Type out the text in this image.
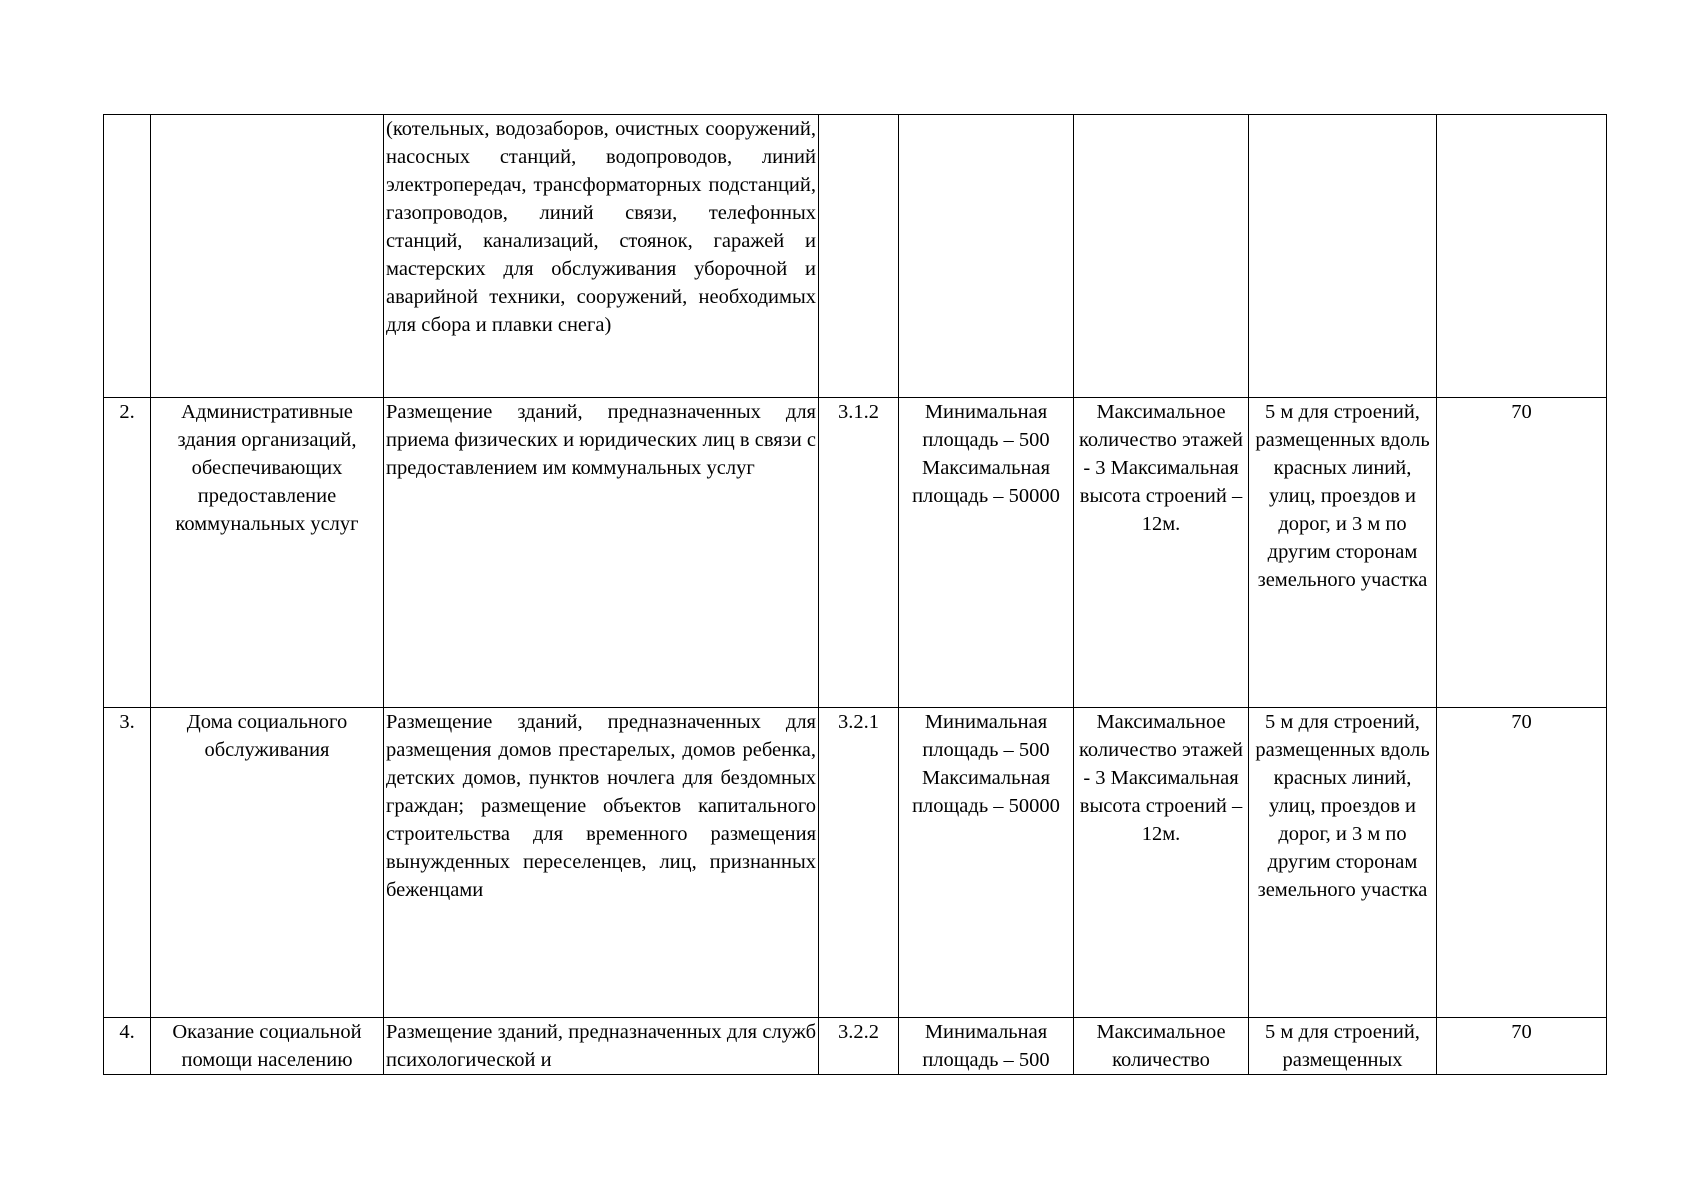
		(котельных, водозаборов, очистных сооружений, насосных станций, водопроводов, линий электропередач, трансформаторных подстанций, газопроводов, линий связи, телефонных станций, канализаций, стоянок, гаражей и мастерских для обслуживания уборочной и аварийной техники, сооружений, необходимых для сбора и плавки снега)					

2.	Административные здания организаций, обеспечивающих предоставление коммунальных услуг	Размещение зданий, предназначенных для приема физических и юридических лиц в связи с предоставлением им коммунальных услуг	3.1.2	Минимальная площадь – 500 Максимальная площадь – 50000	Максимальное количество этажей - 3 Максимальная высота строений – 12м.	5 м для строений, размещенных вдоль красных линий, улиц, проездов и дорог, и 3 м по другим сторонам земельного участка	70
3.	Дома социального обслуживания	Размещение зданий, предназначенных для размещения домов престарелых, домов ребенка, детских домов, пунктов ночлега для бездомных граждан; размещение объектов капитального строительства для временного размещения вынужденных переселенцев, лиц, признанных беженцами	3.2.1	Минимальная площадь – 500 Максимальная площадь – 50000	Максимальное количество этажей - 3 Максимальная высота строений – 12м.	5 м для строений, размещенных вдоль красных линий, улиц, проездов и дорог, и 3 м по другим сторонам земельного участка	70
4.	Оказание социальной помощи населению	Размещение зданий, предназначенных для служб психологической и	3.2.2	Минимальная площадь – 500	Максимальное количество	5 м для строений, размещенных	70
